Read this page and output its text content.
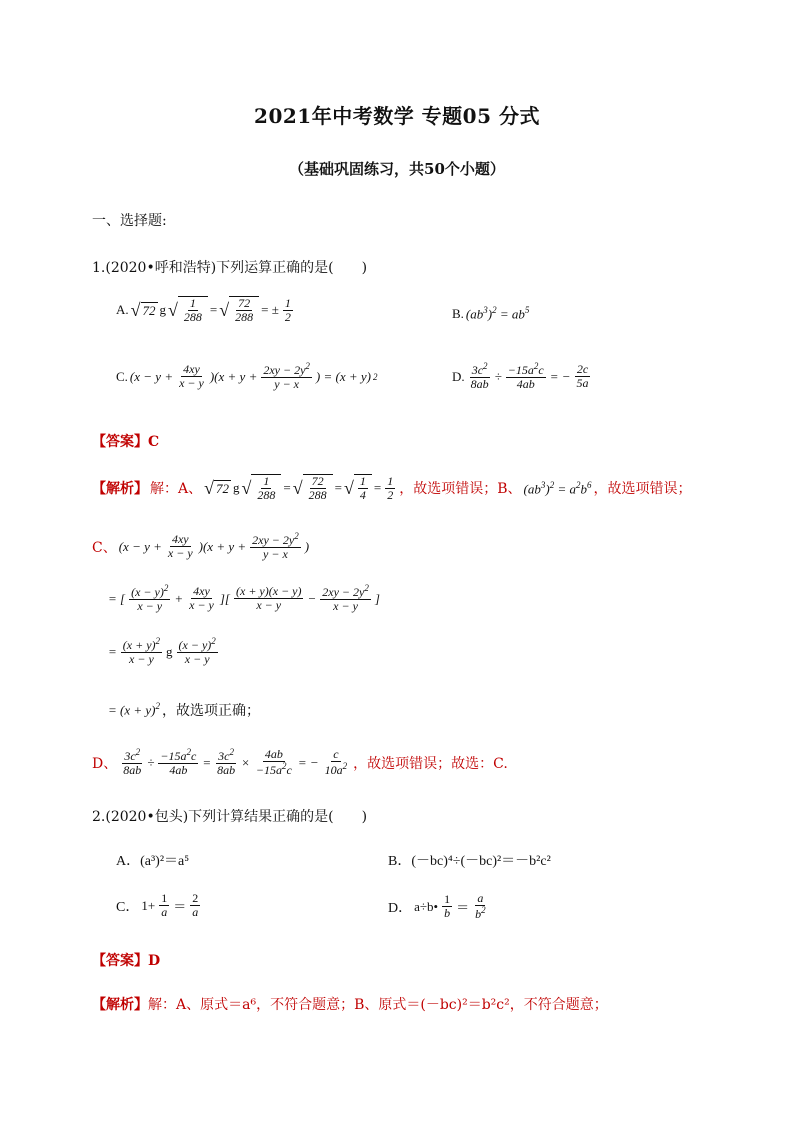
2021年中考数学 专题05 分式
（基础巩固练习，共50个小题）
一、选择题:
1.(2020•呼和浩特)下列运算正确的是(　　)
A. √ 72 g √ $\frac{1}{288}$ = √ $\frac{72}{288}$ = ± $\frac{1}{2}$	B. $(ab^3)^2 = ab^5$
C. $(x - y + \frac{4xy}{x - y} )(x + y + \frac{2xy - 2y^2}{y - x}$ ) = (x + y) 2	D. $\frac{3c^2}{8ab} \div \frac{-15a^2c}{4ab}$ = − $\frac{2c}{5a}$
【答案】C
【解析】 解：A、 √ 72 g √ $\frac{1}{288}$ = √ $\frac{72}{288}$ = √ $\frac{1}{4} = \frac{1}{2}$ ，故选项错误；B、 $(ab^3)^2 = a^2b^6$ ，故选项错误；
C、 $(x - y + \frac{4xy}{x - y} )(x + y + \frac{2xy - 2y^2}{y - x}$ )
= [ $\frac{(x - y)^2}{x - y} + \frac{4xy}{x - y}$ ][ $\frac{(x + y)(x - y)}{x - y} - \frac{2xy - 2y^2}{x - y}$ ]
= $\frac{(x + y)^2}{x - y}$ g $\frac{(x - y)^2}{x - y}$
= $(x + y)^2$ ，故选项正确；
D、 $\frac{3c^2}{8ab} \div \frac{-15a^2c}{4ab} = \frac{3c^2}{8ab} \times \frac{4ab}{-15a^2c}$ = − $\frac{c}{10a^2}$ ，故选项错误；故选：C.
2.(2020•包头)下列计算结果正确的是(　　)
A．(a³)²＝a⁵	B．(－bc)⁴÷(－bc)²＝－b²c²
C． $1+ \frac{1}{a} = \frac{2}{a}$	D． a÷b• $\frac{1}{b} = \frac{a}{b^2}$
【答案】D
【解析】解：A、原式＝a⁶，不符合题意；B、原式＝(－bc)²＝b²c²，不符合题意；
